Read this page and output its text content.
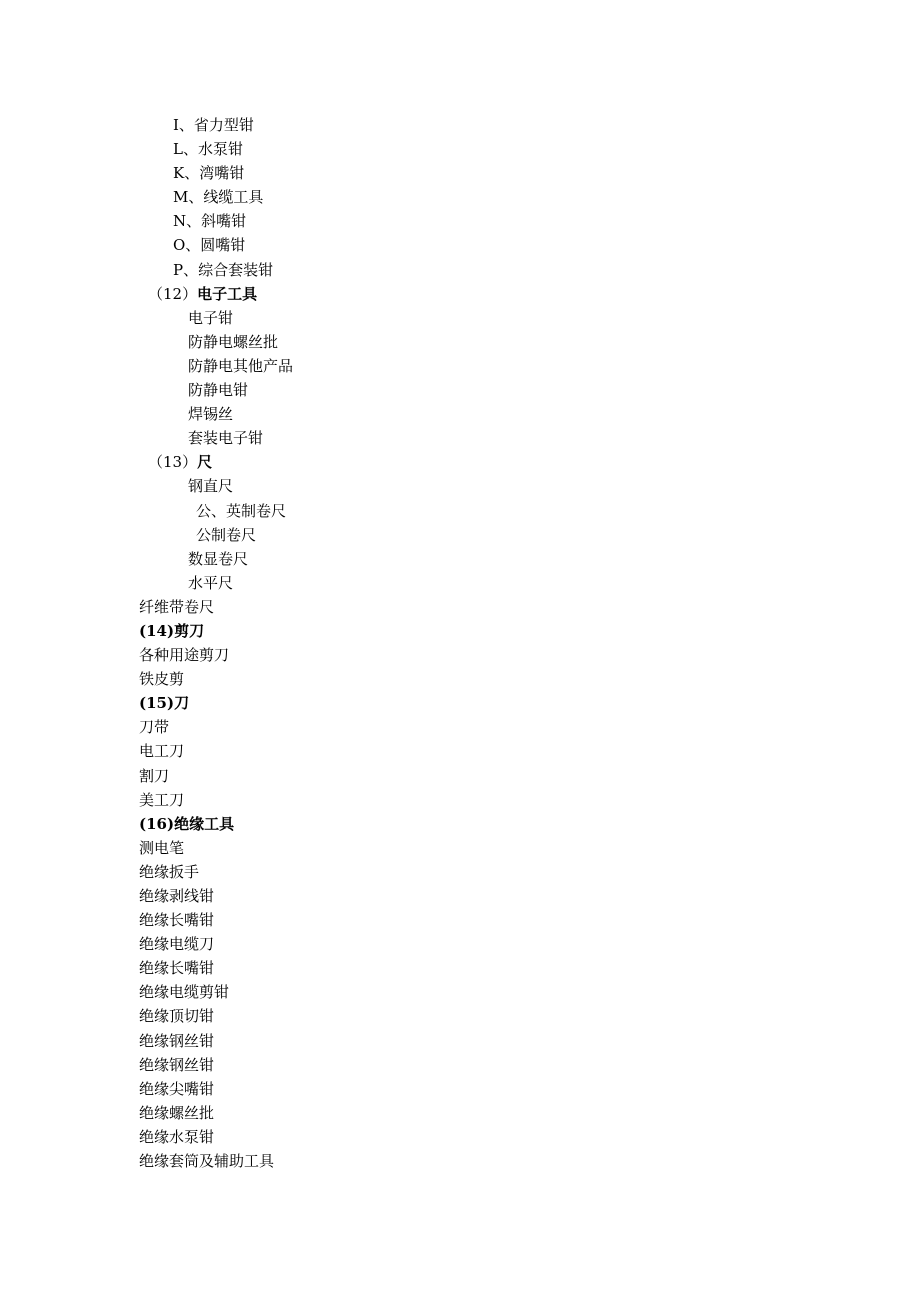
I、省力型钳
L、水泵钳
K、湾嘴钳
M、线缆工具
N、斜嘴钳
O、圆嘴钳
P、综合套装钳
（12）电子工具
电子钳
防静电螺丝批
防静电其他产品
防静电钳
焊锡丝
套装电子钳
（13）尺
钢直尺
公、英制卷尺
公制卷尺
数显卷尺
水平尺
纤维带卷尺
(14)剪刀
各种用途剪刀
铁皮剪
(15)刀
刀带
电工刀
割刀
美工刀
(16)绝缘工具
测电笔
绝缘扳手
绝缘剥线钳
绝缘长嘴钳
绝缘电缆刀
绝缘长嘴钳
绝缘电缆剪钳
绝缘顶切钳
绝缘钢丝钳
绝缘钢丝钳
绝缘尖嘴钳
绝缘螺丝批
绝缘水泵钳
绝缘套筒及辅助工具
